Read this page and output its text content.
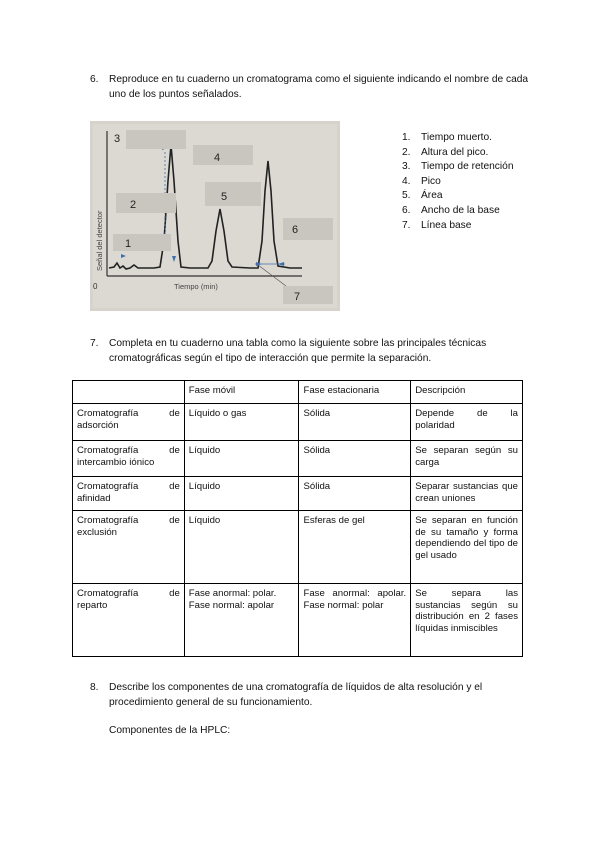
6. Reproduce en tu cuaderno un cromatograma como el siguiente indicando el nombre de cada uno de los puntos señalados.
0
Señal del detector
Tiempo (min)
1
2
3
4
5
6
7
1. Tiempo muerto.
2. Altura del pico.
3. Tiempo de retención
4. Pico
5. Área
6. Ancho de la base
7. Línea base
7. Completa en tu cuaderno una tabla como la siguiente sobre las principales técnicas cromatográficas según el tipo de interacción que permite la separación.
	Fase móvil	Fase estacionaria	Descripción
Cromatografía de adsorción	Líquido o gas	Sólida	Depende de la polaridad
Cromatografía de intercambio iónico	Líquido	Sólida	Se separan según su carga
Cromatografía de afinidad	Líquido	Sólida	Separar sustancias que crean uniones
Cromatografía de exclusión	Líquido	Esferas de gel	Se separan en función de su tamaño y forma dependiendo del tipo de gel usado
Cromatografía de reparto	Fase anormal: polar. Fase normal: apolar	Fase anormal: apolar. Fase normal: polar	Se separa las sustancias según su distribución en 2 fases líquidas inmiscibles
8. Describe los componentes de una cromatografía de líquidos de alta resolución y el procedimiento general de su funcionamiento.
Componentes de la HPLC:
